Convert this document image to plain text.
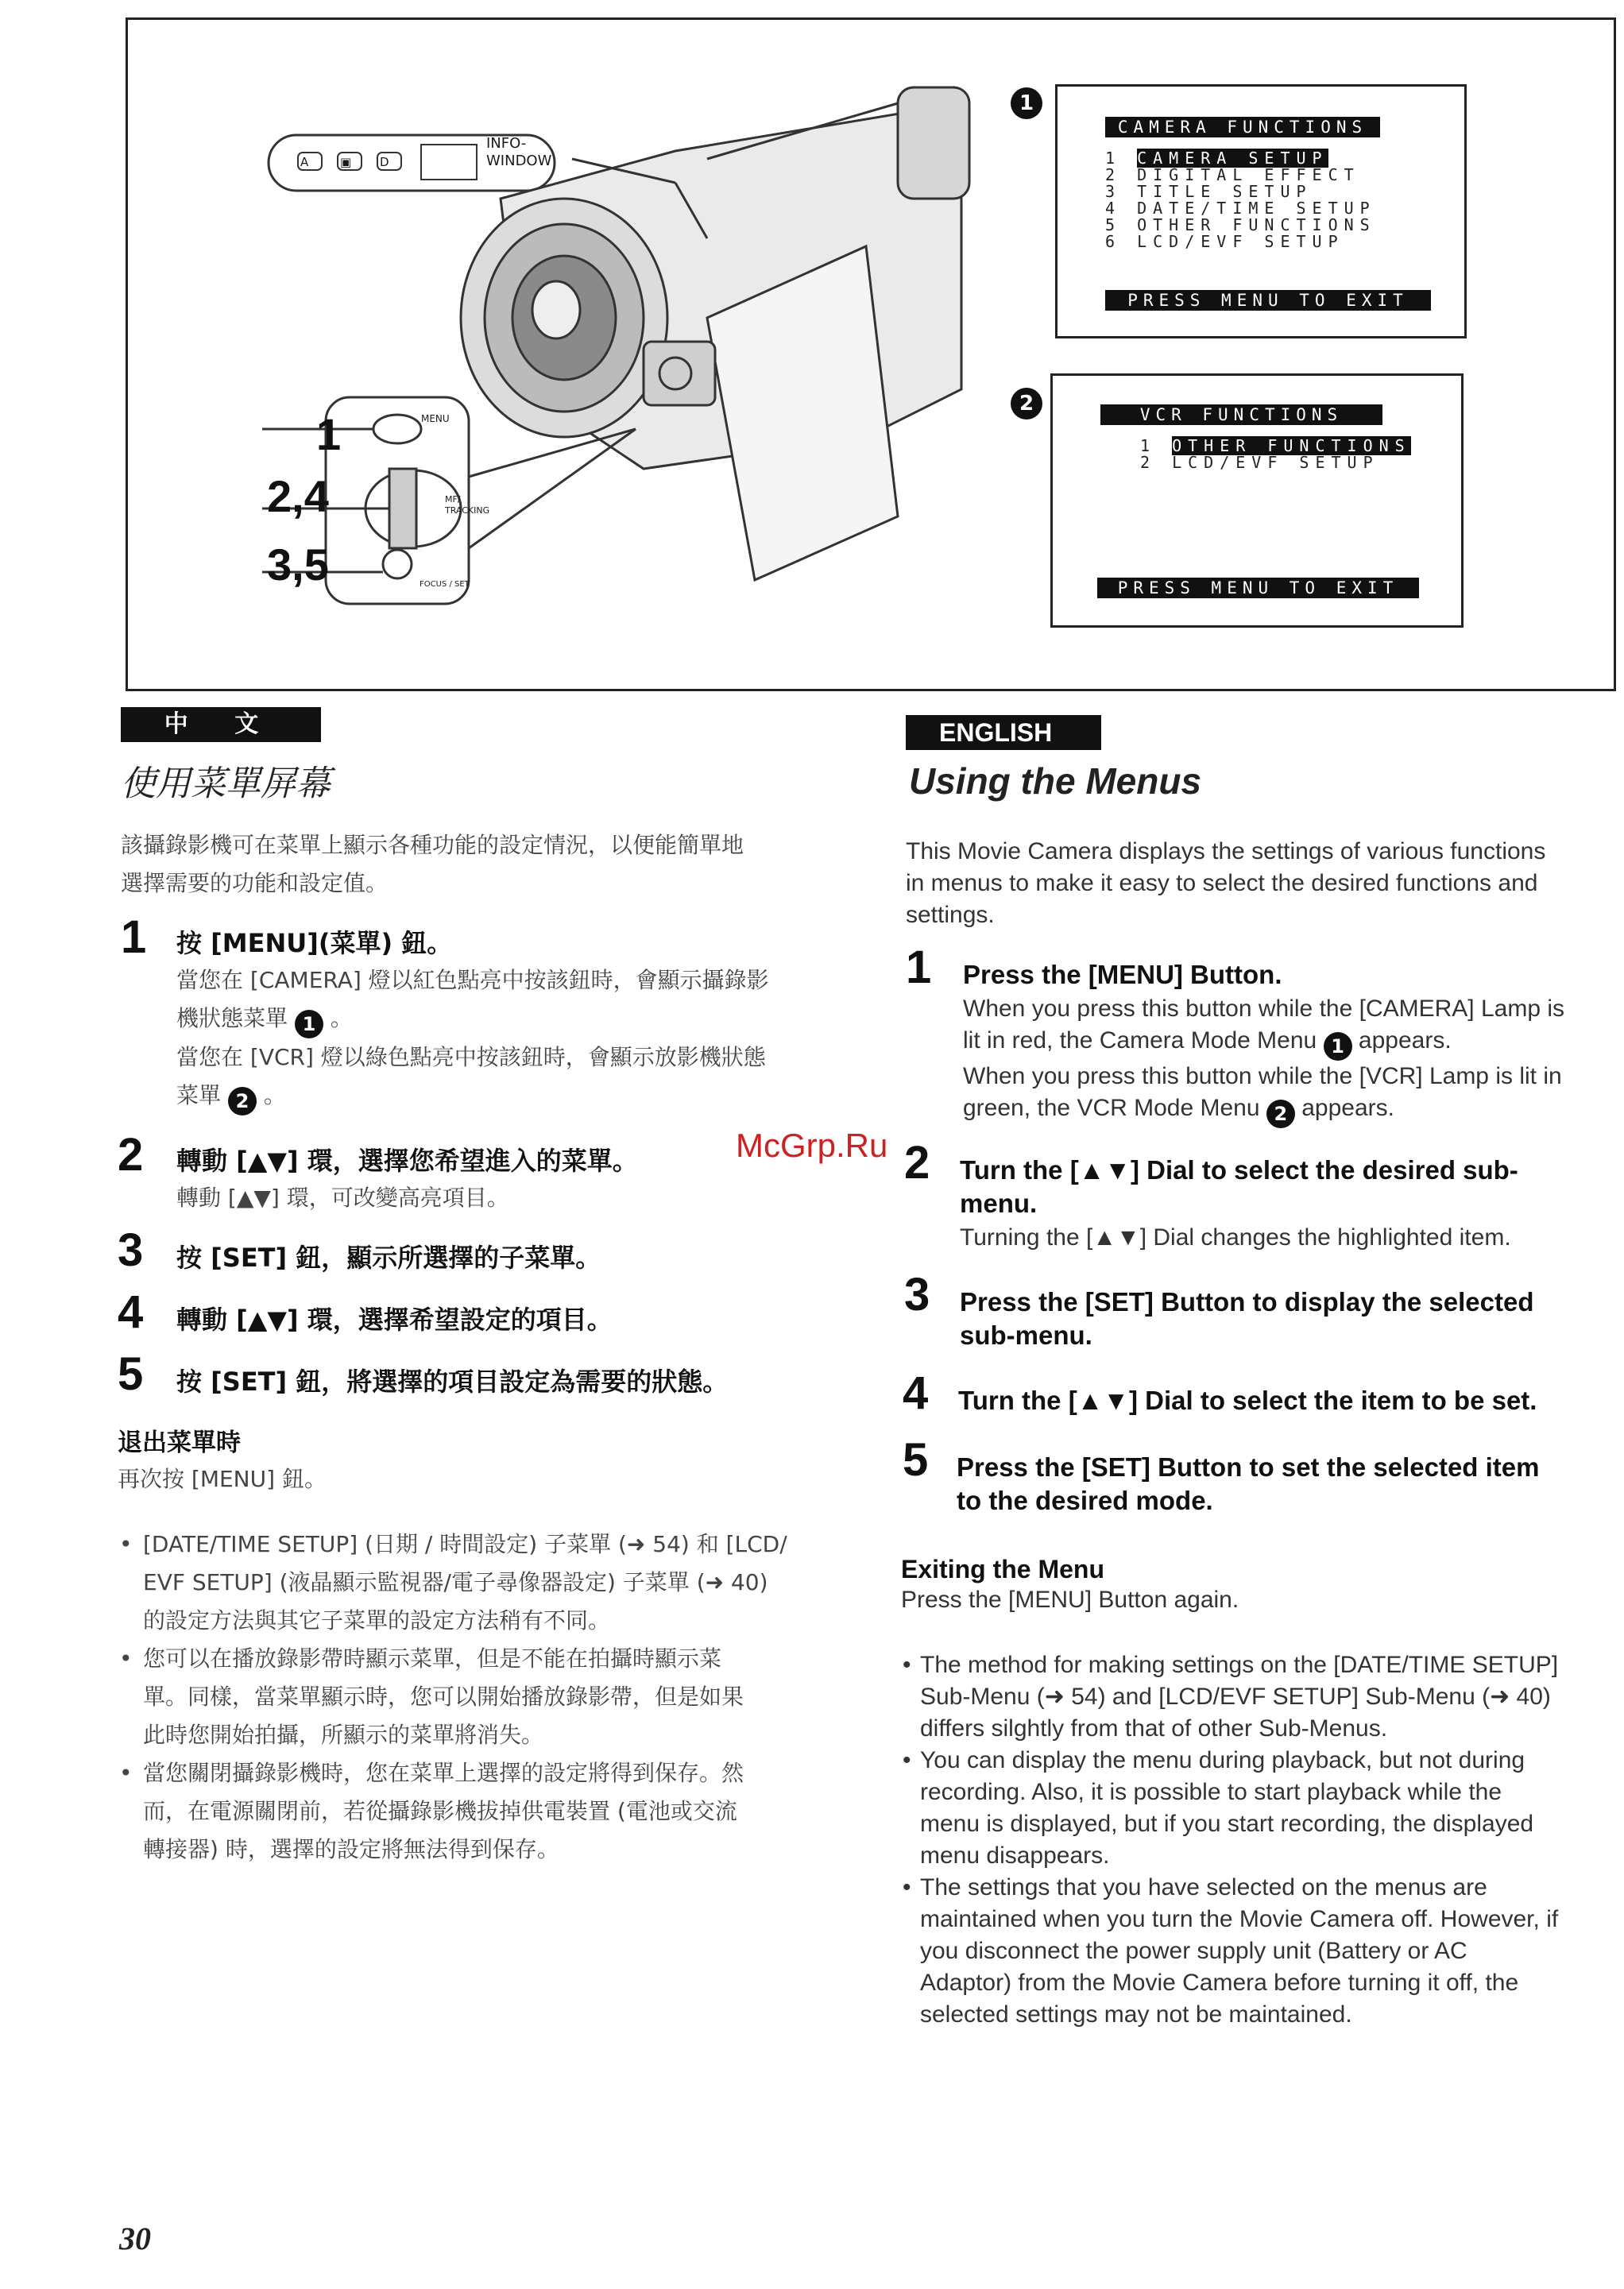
A	▣ D
INFO-
WINDOW
MENU
MF/
TRACKING
FOCUS / SET
1
2,4
3,5
1
CAMERA FUNCTIONS
1 CAMERA SETUP
2 DIGITAL EFFECT
3 TITLE SETUP
4 DATE/TIME SETUP
5 OTHER FUNCTIONS
6 LCD/EVF SETUP
PRESS MENU TO EXIT
2	VCR FUNCTIONS
1 OTHER FUNCTIONS
2 LCD/EVF SETUP
PRESS MENU TO EXIT
中 文
使用菜單屏幕
該攝錄影機可在菜單上顯示各種功能的設定情況，以便能簡單地
選擇需要的功能和設定值。
1 按 [MENU](菜單) 鈕。
當您在 [CAMERA] 燈以紅色點亮中按該鈕時，會顯示攝錄影
機狀態菜單 1 。
當您在 [VCR] 燈以綠色點亮中按該鈕時，會顯示放影機狀態
菜單 2 。
2 轉動 [▲▼] 環，選擇您希望進入的菜單。
轉動 [▲▼] 環，可改變高亮項目。
3 按 [SET] 鈕，顯示所選擇的子菜單。
4 轉動 [▲▼] 環，選擇希望設定的項目。
5 按 [SET] 鈕，將選擇的項目設定為需要的狀態。
退出菜單時
再次按 [MENU] 鈕。
• [DATE/TIME SETUP] (日期 / 時間設定) 子菜單 (➜ 54) 和 [LCD/
EVF SETUP] (液晶顯示監視器/電子尋像器設定) 子菜單 (➜ 40)
的設定方法與其它子菜單的設定方法稍有不同。
• 您可以在播放錄影帶時顯示菜單，但是不能在拍攝時顯示菜
單。同樣，當菜單顯示時，您可以開始播放錄影帶，但是如果
此時您開始拍攝，所顯示的菜單將消失。
• 當您關閉攝錄影機時，您在菜單上選擇的設定將得到保存。然
而，在電源關閉前，若從攝錄影機拔掉供電裝置 (電池或交流
轉接器) 時，選擇的設定將無法得到保存。
McGrp.Ru
ENGLISH
Using the Menus
This Movie Camera displays the settings of various functions
in menus to make it easy to select the desired functions and
settings.
1 Press the [MENU] Button.
When you press this button while the [CAMERA] Lamp is
lit in red, the Camera Mode Menu 1 appears.
When you press this button while the [VCR] Lamp is lit in
green, the VCR Mode Menu 2 appears.
2 Turn the [▲▼] Dial to select the desired sub-
menu.
Turning the [▲▼] Dial changes the highlighted item.
3 Press the [SET] Button to display the selected
sub-menu.
4 Turn the [▲▼] Dial to select the item to be set.
5 Press the [SET] Button to set the selected item
to the desired mode.
Exiting the Menu
Press the [MENU] Button again.
• The method for making settings on the [DATE/TIME SETUP]
Sub-Menu (➜ 54) and [LCD/EVF SETUP] Sub-Menu (➜ 40)
differs silghtly from that of other Sub-Menus.
• You can display the menu during playback, but not during
recording. Also, it is possible to start playback while the
menu is displayed, but if you start recording, the displayed
menu disappears.
• The settings that you have selected on the menus are
maintained when you turn the Movie Camera off. However, if
you disconnect the power supply unit (Battery or AC
Adaptor) from the Movie Camera before turning it off, the
selected settings may not be maintained.
30
